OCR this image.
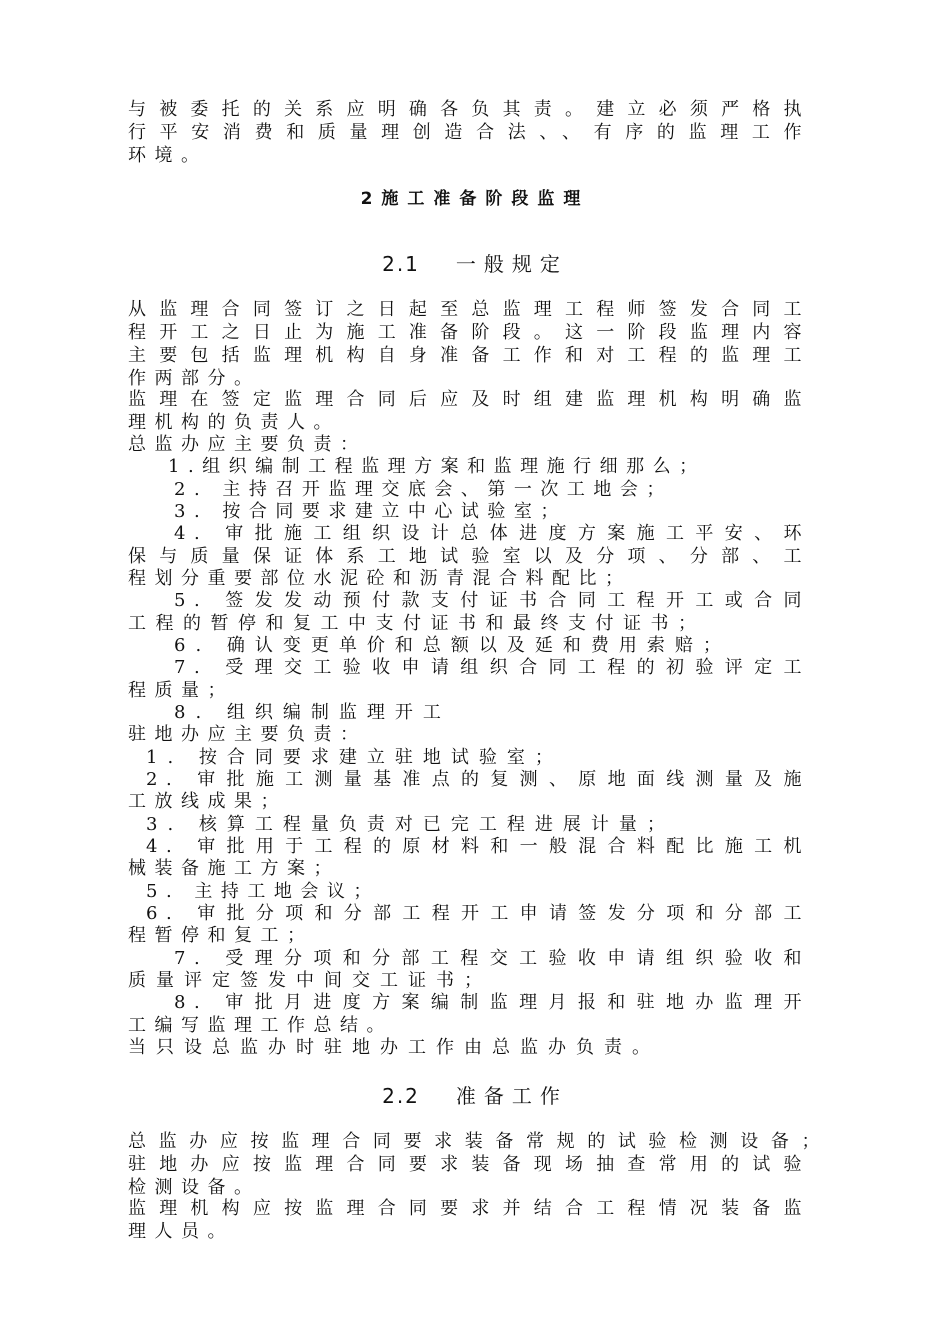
与被委托的关系应明确各负其责。建立必须严格执
行平安消费和质量理创造合法、、有序的监理工作
环境。
2施工准备阶段监理
2.1 一般规定
从监理合同签订之日起至总监理工程师签发合同工
程开工之日止为施工准备阶段。这一阶段监理内容
主要包括监理机构自身准备工作和对工程的监理工
作两部分。
监理在签定监理合同后应及时组建监理机构明确监
理机构的负责人。
总监办应主要负责：
1.组织编制工程监理方案和监理施行细那么；
2. 主持召开监理交底会、第一次工地会；
3. 按合同要求建立中心试验室；
4. 审批施工组织设计总体进度方案施工平安、环
保与质量保证体系工地试验室以及分项、分部、工
程划分重要部位水泥砼和沥青混合料配比；
5. 签发发动预付款支付证书合同工程开工或合同
工程的暂停和复工中支付证书和最终支付证书；
6. 确认变更单价和总额以及延和费用索赔；
7. 受理交工验收申请组织合同工程的初验评定工
程质量；
8. 组织编制监理开工
驻地办应主要负责：
1. 按合同要求建立驻地试验室；
2. 审批施工测量基准点的复测、原地面线测量及施
工放线成果；
3. 核算工程量负责对已完工程进展计量；
4. 审批用于工程的原材料和一般混合料配比施工机
械装备施工方案；
5. 主持工地会议；
6. 审批分项和分部工程开工申请签发分项和分部工
程暂停和复工；
7. 受理分项和分部工程交工验收申请组织验收和
质量评定签发中间交工证书；
8. 审批月进度方案编制监理月报和驻地办监理开
工编写监理工作总结。
当只设总监办时驻地办工作由总监办负责。
2.2 准备工作
总监办应按监理合同要求装备常规的试验检测设备；
驻地办应按监理合同要求装备现场抽查常用的试验
检测设备。
监理机构应按监理合同要求并结合工程情况装备监
理人员。
